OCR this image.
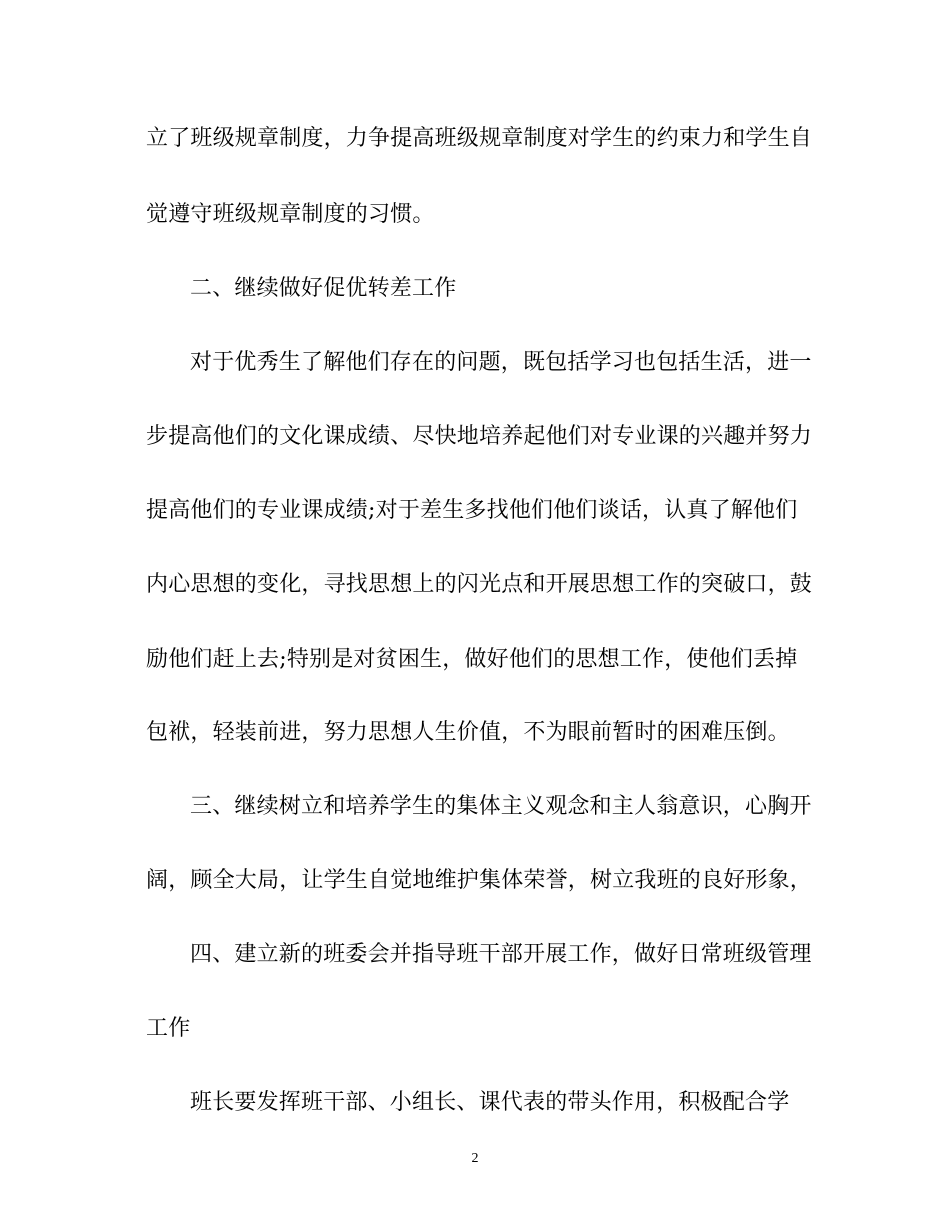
立了班级规章制度，力争提高班级规章制度对学生的约束力和学生自
觉遵守班级规章制度的习惯。
二、继续做好促优转差工作
对于优秀生了解他们存在的问题，既包括学习也包括生活，进一
步提高他们的文化课成绩、尽快地培养起他们对专业课的兴趣并努力
提高他们的专业课成绩;对于差生多找他们他们谈话，认真了解他们
内心思想的变化，寻找思想上的闪光点和开展思想工作的突破口，鼓
励他们赶上去;特别是对贫困生，做好他们的思想工作，使他们丢掉
包袱，轻装前进，努力思想人生价值，不为眼前暂时的困难压倒。
三、继续树立和培养学生的集体主义观念和主人翁意识，心胸开
阔，顾全大局，让学生自觉地维护集体荣誉，树立我班的良好形象，
四、建立新的班委会并指导班干部开展工作，做好日常班级管理
工作
班长要发挥班干部、小组长、课代表的带头作用，积极配合学
2
